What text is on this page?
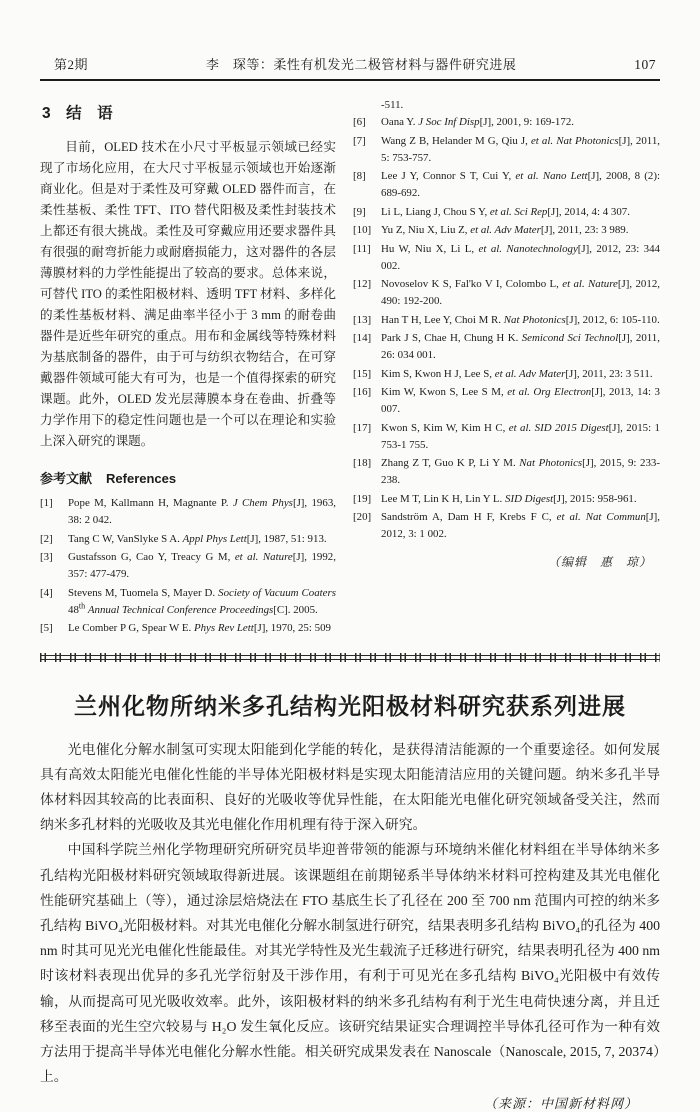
第2期	李　琛等：柔性有机发光二极管材料与器件研究进展	107
3　结　语

目前，OLED 技术在小尺寸平板显示领域已经实现了市场化应用，在大尺寸平板显示领域也开始逐渐商业化。但是对于柔性及可穿戴 OLED 器件而言，在柔性基板、柔性 TFT、ITO 替代阳极及柔性封装技术上都还有很大挑战。柔性及可穿戴应用还要求器件具有很强的耐弯折能力或耐磨损能力，这对器件的各层薄膜材料的力学性能提出了较高的要求。总体来说，可替代 ITO 的柔性阳极材料、透明 TFT 材料、多样化的柔性基板材料、满足曲率半径小于 3 mm 的耐卷曲器件是近些年研究的重点。用布和金属线等特殊材料为基底制备的器件，由于可与纺织衣物结合，在可穿戴器件领域可能大有可为，也是一个值得探索的研究课题。此外，OLED 发光层薄膜本身在卷曲、折叠等力学作用下的稳定性问题也是一个可以在理论和实验上深入研究的课题。

参考文献 References
[1]	Pope M, Kallmann H, Magnante P. J Chem Phys[J], 1963, 38: 2 042.
[2]	Tang C W, VanSlyke S A. Appl Phys Lett[J], 1987, 51: 913.
[3]	Gustafsson G, Cao Y, Treacy G M, et al. Nature[J], 1992, 357: 477-479.
[4]	Stevens M, Tuomela S, Mayer D. Society of Vacuum Coaters 48th Annual Technical Conference Proceedings[C]. 2005.
[5]	Le Comber P G, Spear W E. Phys Rev Lett[J], 1970, 25: 509
-511.
[6]	Oana Y. J Soc Inf Disp[J], 2001, 9: 169-172.
[7]	Wang Z B, Helander M G, Qiu J, et al. Nat Photonics[J], 2011, 5: 753-757.
[8]	Lee J Y, Connor S T, Cui Y, et al. Nano Lett[J], 2008, 8 (2): 689-692.
[9]	Li L, Liang J, Chou S Y, et al. Sci Rep[J], 2014, 4: 4 307.
[10] Yu Z, Niu X, Liu Z, et al. Adv Mater[J], 2011, 23: 3 989.
[11] Hu W, Niu X, Li L, et al. Nanotechnology[J], 2012, 23: 344 002.
[12] Novoselov K S, Fal'ko V I, Colombo L, et al. Nature[J], 2012, 490: 192-200.
[13] Han T H, Lee Y, Choi M R. Nat Photonics[J], 2012, 6: 105-110.
[14] Park J S, Chae H, Chung H K. Semicond Sci Technol[J], 2011, 26: 034 001.
[15] Kim S, Kwon H J, Lee S, et al. Adv Mater[J], 2011, 23: 3 511.
[16] Kim W, Kwon S, Lee S M, et al. Org Electron[J], 2013, 14: 3 007.
[17] Kwon S, Kim W, Kim H C, et al. SID 2015 Digest[J], 2015: 1 753-1 755.
[18] Zhang Z T, Guo K P, Li Y M. Nat Photonics[J], 2015, 9: 233-238.
[19] Lee M T, Lin K H, Lin Y L. SID Digest[J], 2015: 958-961.
[20] Sandström A, Dam H F, Krebs F C, et al. Nat Commun[J], 2012, 3: 1 002.
（编辑　惠　琼）
兰州化物所纳米多孔结构光阳极材料研究获系列进展

光电催化分解水制氢可实现太阳能到化学能的转化，是获得清洁能源的一个重要途径。如何发展具有高效太阳能光电催化性能的半导体光阳极材料是实现太阳能清洁应用的关键问题。纳米多孔半导体材料因其较高的比表面积、良好的光吸收等优异性能，在太阳能光电催化研究领域备受关注，然而纳米多孔材料的光吸收及其光电催化作用机理有待于深入研究。

中国科学院兰州化学物理研究所研究员毕迎普带领的能源与环境纳米催化材料组在半导体纳米多孔结构光阳极材料研究领域取得新进展。该课题组在前期铋系半导体纳米材料可控构建及其光电催化性能研究基础上（等），通过涂层焙烧法在 FTO 基底生长了孔径在 200 至 700 nm 范围内可控的纳米多孔结构 BiVO₄光阳极材料。对其光电催化分解水制氢进行研究，结果表明多孔结构 BiVO₄的孔径为 400 nm 时其可见光光电催化性能最佳。对其光学特性及光生载流子迁移进行研究，结果表明孔径为 400 nm 时该材料表现出优异的多孔光学衍射及干涉作用，有利于可见光在多孔结构 BiVO₄光阳极中有效传输，从而提高可见光吸收效率。此外，该阳极材料的纳米多孔结构有利于光生电荷快速分离，并且迁移至表面的光生空穴较易与 H₂O 发生氧化反应。该研究结果证实合理调控半导体孔径可作为一种有效方法用于提高半导体光电催化分解水性能。相关研究成果发表在 Nanoscale（Nanoscale, 2015, 7, 20374）上。

（来源：中国新材料网）
